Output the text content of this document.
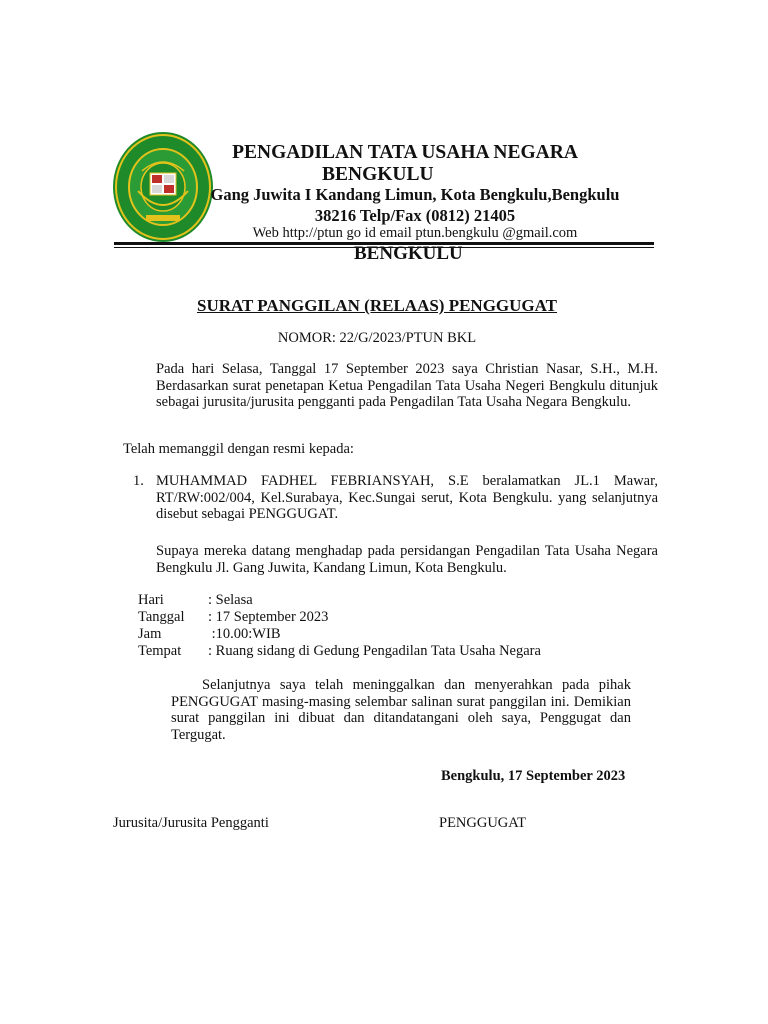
PENGADILAN TATA USAHA NEGARA
BENGKULU
Gang Juwita I Kandang Limun, Kota Bengkulu,Bengkulu
38216 Telp/Fax (0812) 21405
Web http://ptun go id email ptun.bengkulu @gmail.com
BENGKULU
SURAT PANGGILAN (RELAAS) PENGGUGAT
NOMOR: 22/G/2023/PTUN BKL
Pada hari Selasa, Tanggal 17 September 2023 saya Christian Nasar, S.H., M.H. Berdasarkan surat penetapan Ketua Pengadilan Tata Usaha Negeri Bengkulu ditunjuk sebagai jurusita/jurusita pengganti pada Pengadilan Tata Usaha Negara Bengkulu.
Telah memanggil dengan resmi kepada:
1. MUHAMMAD FADHEL FEBRIANSYAH, S.E beralamatkan JL.1 Mawar, RT/RW:002/004, Kel.Surabaya, Kec.Sungai serut, Kota Bengkulu. yang selanjutnya disebut sebagai PENGGUGAT.
Supaya mereka datang menghadap pada persidangan Pengadilan Tata Usaha Negara Bengkulu Jl. Gang Juwita, Kandang Limun, Kota Bengkulu.
Hari	: Selasa
Tanggal	: 17 September 2023
Jam	:10.00:WIB
Tempat	: Ruang sidang di Gedung Pengadilan Tata Usaha Negara
Selanjutnya saya telah meninggalkan dan menyerahkan pada pihak PENGGUGAT masing-masing selembar salinan surat panggilan ini. Demikian surat panggilan ini dibuat dan ditandatangani oleh saya, Penggugat dan Tergugat.
Bengkulu, 17 September 2023
Jurusita/Jurusita Pengganti	PENGGUGAT
